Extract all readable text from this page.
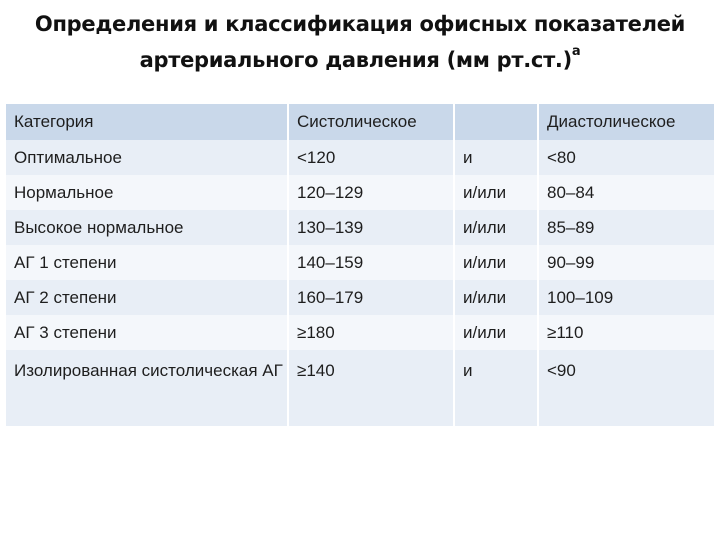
Определения и классификация офисных показателей
артериального давления (мм рт.ст.)$^а$
Категория	Систолическое		Диастолическое
Оптимальное	<120	и	<80
Нормальное	120–129	и/или	80–84
Высокое нормальное	130–139	и/или	85–89
АГ 1 степени	140–159	и/или	90–99
АГ 2 степени	160–179	и/или	100–109
АГ 3 степени	≥180	и/или	≥110
Изолированная систолическая АГ	≥140	и	<90
